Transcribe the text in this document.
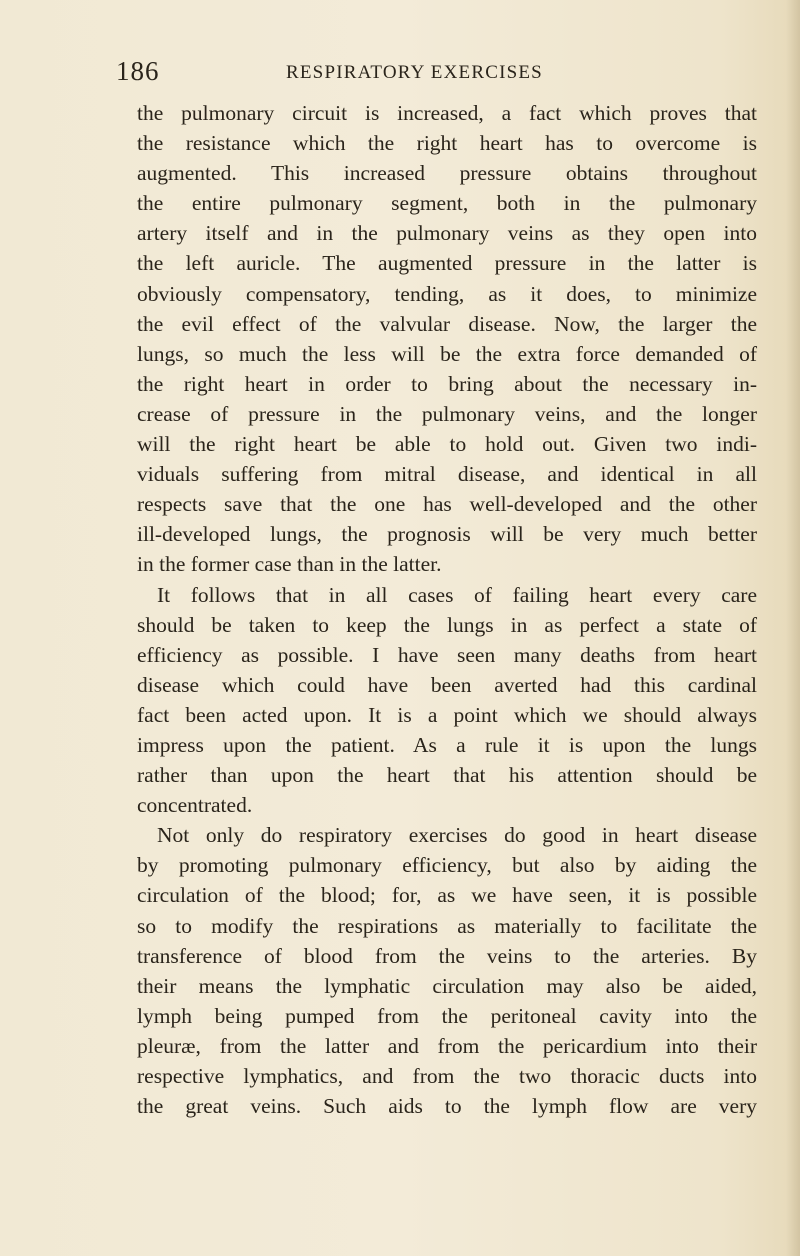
186	RESPIRATORY EXERCISES
the pulmonary circuit is increased, a fact which proves that
the resistance which the right heart has to overcome is
augmented. This increased pressure obtains throughout
the entire pulmonary segment, both in the pulmonary
artery itself and in the pulmonary veins as they open into
the left auricle. The augmented pressure in the latter is
obviously compensatory, tending, as it does, to minimize
the evil effect of the valvular disease. Now, the larger the
lungs, so much the less will be the extra force demanded of
the right heart in order to bring about the necessary in-
crease of pressure in the pulmonary veins, and the longer
will the right heart be able to hold out. Given two indi-
viduals suffering from mitral disease, and identical in all
respects save that the one has well-developed and the other
ill-developed lungs, the prognosis will be very much better
in the former case than in the latter.
It follows that in all cases of failing heart every care
should be taken to keep the lungs in as perfect a state of
efficiency as possible. I have seen many deaths from heart
disease which could have been averted had this cardinal
fact been acted upon. It is a point which we should always
impress upon the patient. As a rule it is upon the lungs
rather than upon the heart that his attention should be
concentrated.
Not only do respiratory exercises do good in heart disease
by promoting pulmonary efficiency, but also by aiding the
circulation of the blood; for, as we have seen, it is possible
so to modify the respirations as materially to facilitate the
transference of blood from the veins to the arteries. By
their means the lymphatic circulation may also be aided,
lymph being pumped from the peritoneal cavity into the
pleuræ, from the latter and from the pericardium into their
respective lymphatics, and from the two thoracic ducts into
the great veins. Such aids to the lymph flow are very
